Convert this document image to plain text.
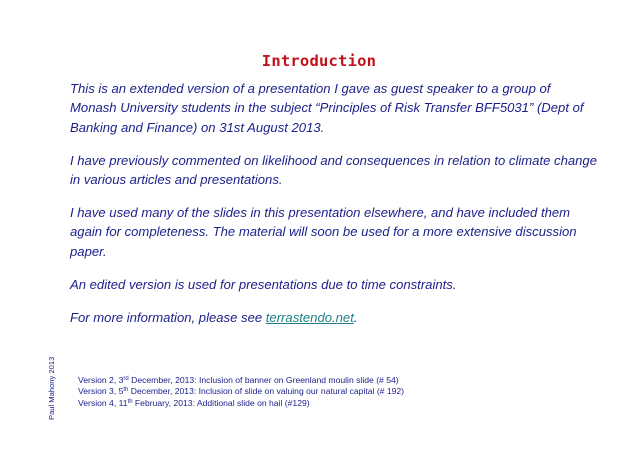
Introduction

This is an extended version of a presentation I gave as guest speaker to a group of Monash University students in the subject “Principles of Risk Transfer BFF5031” (Dept of Banking and Finance) on 31st August 2013.

I have previously commented on likelihood and consequences in relation to climate change in various articles and presentations.

I have used many of the slides in this presentation elsewhere, and have included them again for completeness. The material will soon be used for a more extensive discussion paper.

An edited version is used for presentations due to time constraints.

For more information, please see terrastendo.net.

Version 2, 3rd December, 2013: Inclusion of banner on Greenland moulin slide (# 54)
Version 3, 5th December, 2013: Inclusion of slide on valuing our natural capital (# 192)
Version 4, 11th February, 2013: Additional slide on hail (#129)
Paul Mahony 2013
